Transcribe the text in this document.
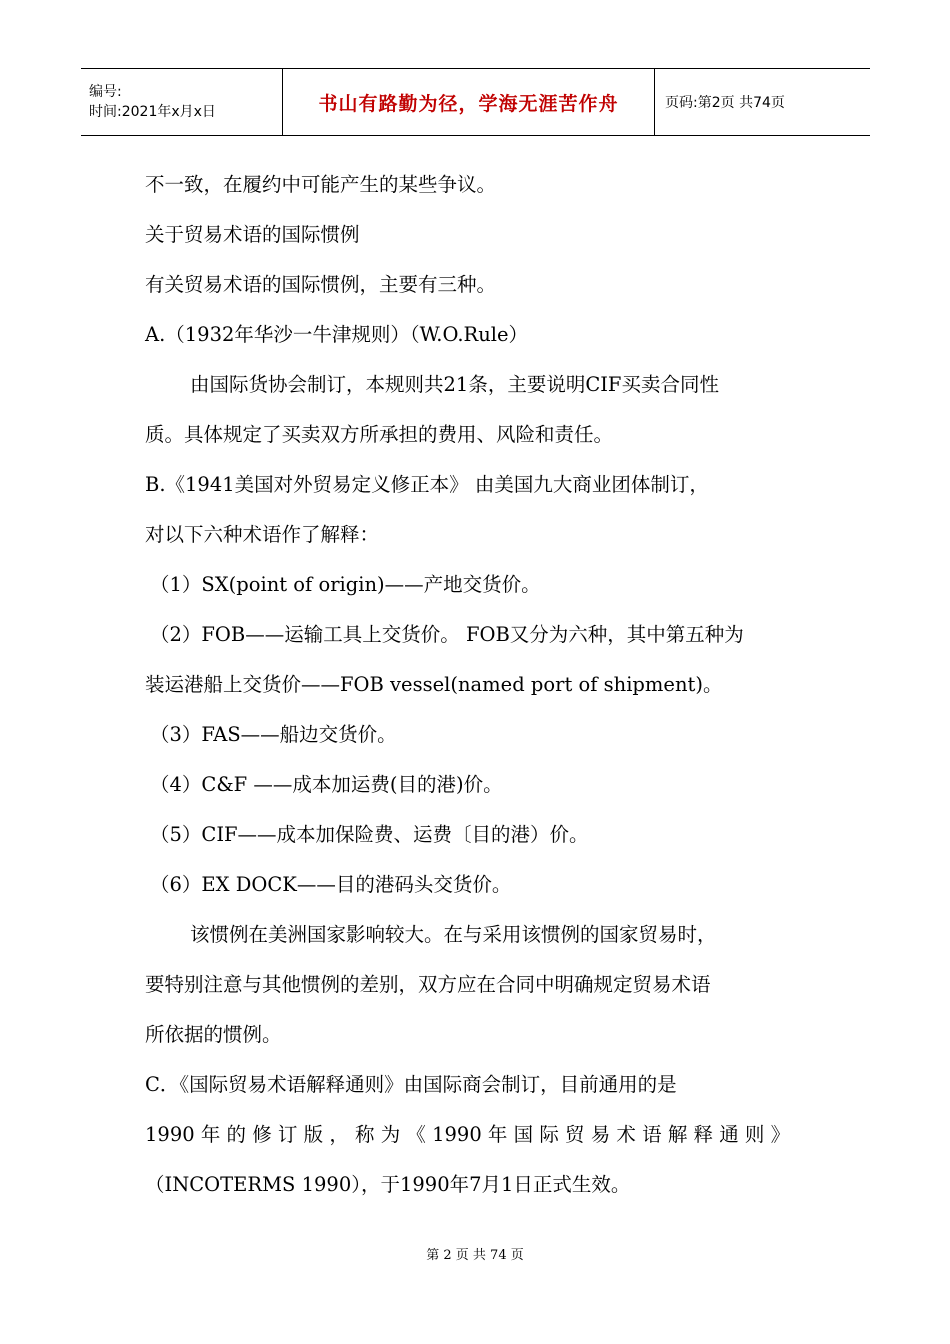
编号:
时间:2021年x月x日	书山有路勤为径，学海无涯苦作舟	页码:第2页 共74页
不一致，在履约中可能产生的某些争议。
关于贸易术语的国际惯例
有关贸易术语的国际惯例，主要有三种。
A.（1932年华沙一牛津规则）（W.O.Rule）
由国际货协会制订，本规则共21条，主要说明CIF买卖合同性
质。具体规定了买卖双方所承担的费用、风险和责任。
B.《1941美国对外贸易定义修正本》 由美国九大商业团体制订，
对以下六种术语作了解释：
（1）SX(point of origin)——产地交货价。
（2）FOB——运输工具上交货价。 FOB又分为六种，其中第五种为
装运港船上交货价——FOB vessel(named port of shipment)。
（3）FAS——船边交货价。
（4）C&F ——成本加运费(目的港)价。
（5）CIF——成本加保险费、运费〔目的港）价。
（6）EX DOCK——目的港码头交货价。
该惯例在美洲国家影响较大。在与采用该惯例的国家贸易时，
要特别注意与其他惯例的差别，双方应在合同中明确规定贸易术语
所依据的惯例。
C．《国际贸易术语解释通则》由国际商会制订，目前通用的是
1990 年 的 修 订 版 ， 称 为 《 1990 年 国 际 贸 易 术 语 解 释 通 则 》
（INCOTERMS 1990），于1990年7月1日正式生效。
第 2 页 共 74 页
